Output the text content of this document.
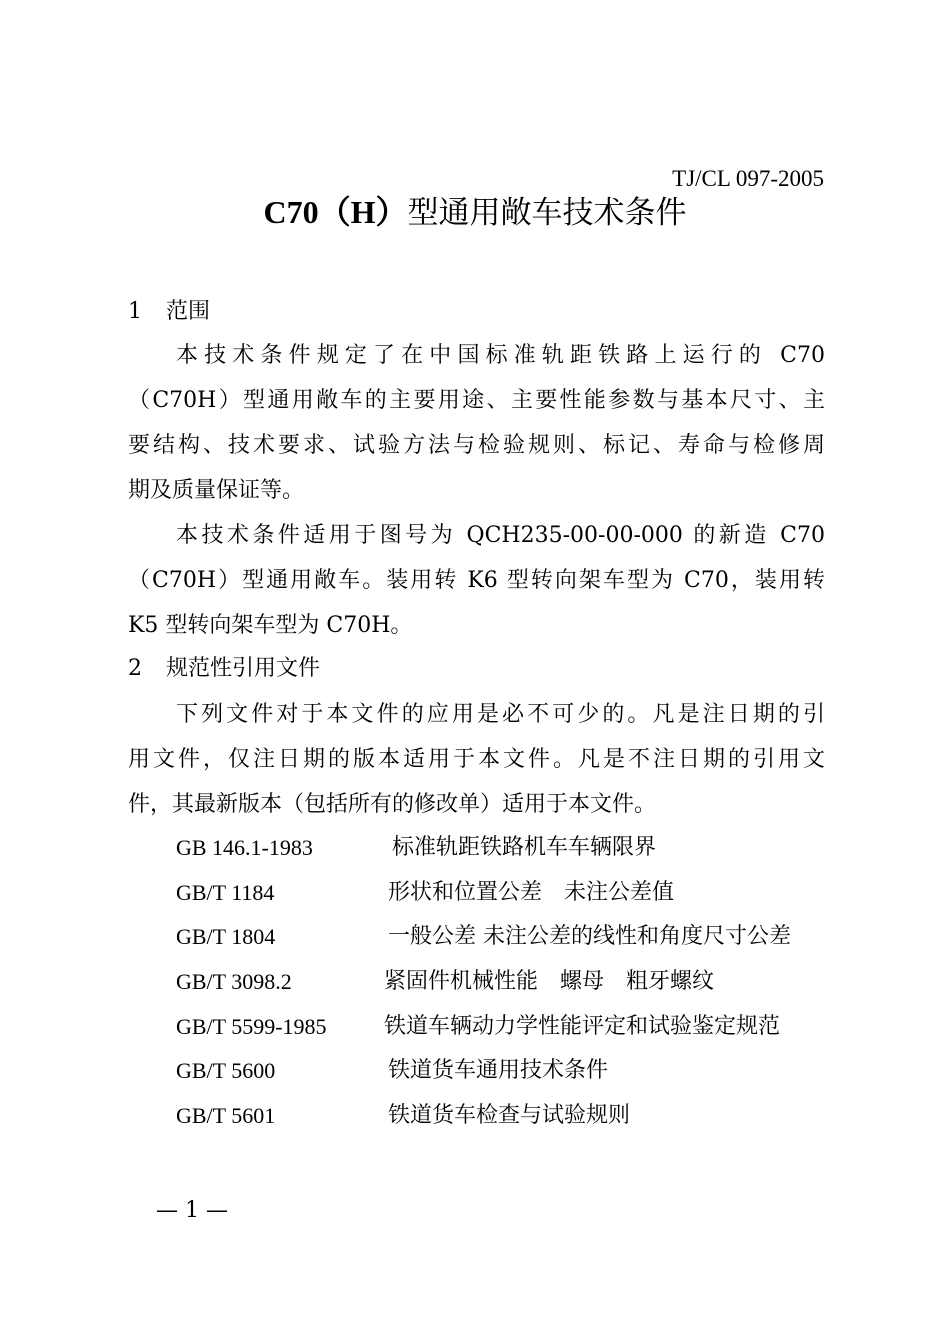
TJ/CL 097-2005
C70（H）型通用敞车技术条件
1 范围
本技术条件规定了在中国标准轨距铁路上运行的 C70
（C70H）型通用敞车的主要用途、主要性能参数与基本尺寸、主
要结构、技术要求、试验方法与检验规则、标记、寿命与检修周
期及质量保证等。
本技术条件适用于图号为 QCH235-00-00-000 的新造 C70
（C70H）型通用敞车。装用转 K6 型转向架车型为 C70，装用转
K5 型转向架车型为 C70H。
2 规范性引用文件
下列文件对于本文件的应用是必不可少的。凡是注日期的引
用文件，仅注日期的版本适用于本文件。凡是不注日期的引用文
件，其最新版本（包括所有的修改单）适用于本文件。
GB 146.1-1983	标准轨距铁路机车车辆限界
GB/T 1184	形状和位置公差　未注公差值
GB/T 1804	一般公差 未注公差的线性和角度尺寸公差
GB/T 3098.2	紧固件机械性能　螺母　粗牙螺纹
GB/T 5599-1985	铁道车辆动力学性能评定和试验鉴定规范
GB/T 5600	铁道货车通用技术条件
GB/T 5601	铁道货车检查与试验规则
— 1 —
